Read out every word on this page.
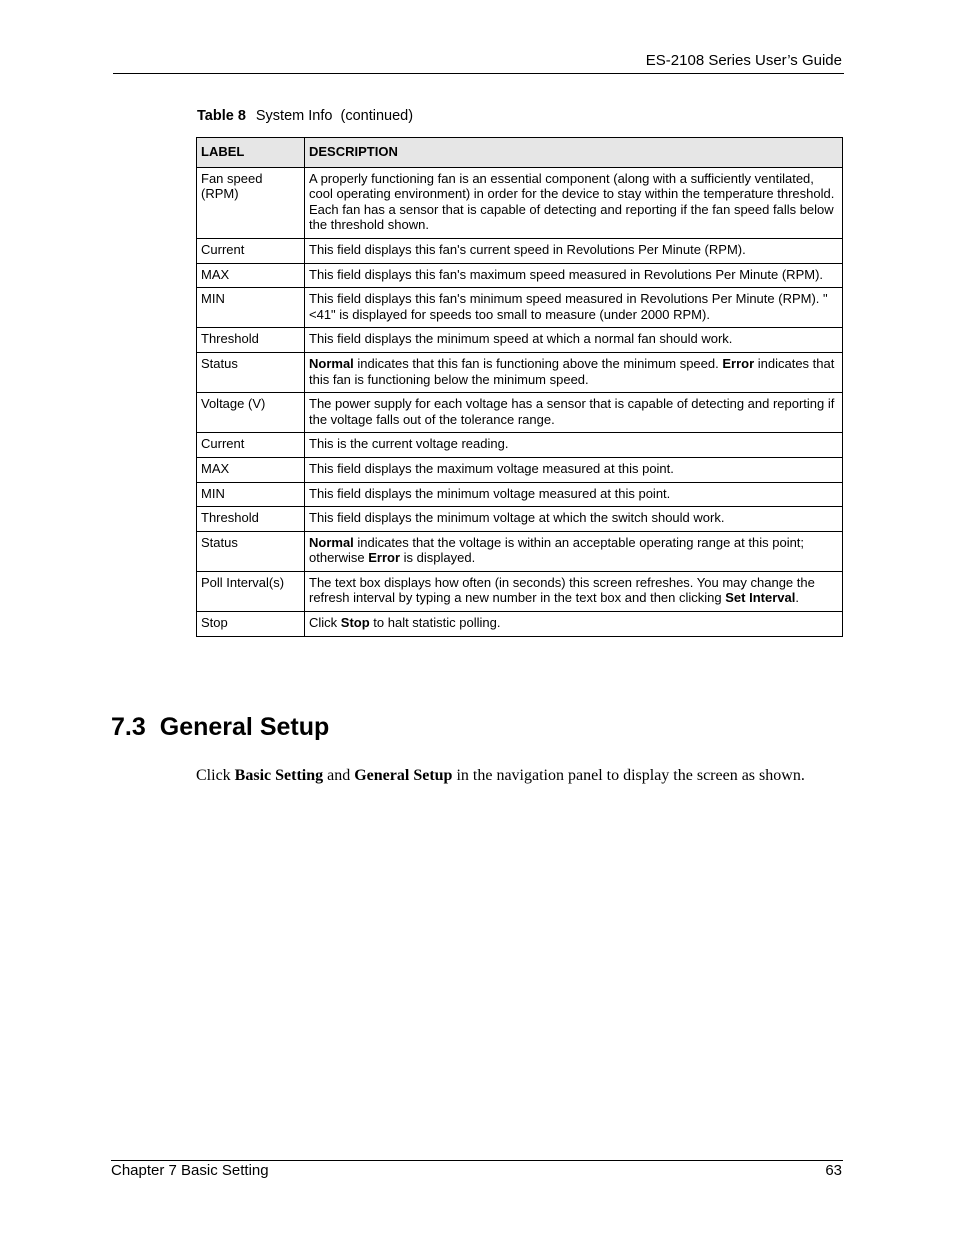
ES-2108 Series User’s Guide
Table 8 System Info  (continued)
LABEL	DESCRIPTION
Fan speed (RPM)	A properly functioning fan is an essential component (along with a sufficiently ventilated, cool operating environment) in order for the device to stay within the temperature threshold. Each fan has a sensor that is capable of detecting and reporting if the fan speed falls below the threshold shown.
Current	This field displays this fan's current speed in Revolutions Per Minute (RPM).
MAX	This field displays this fan's maximum speed measured in Revolutions Per Minute (RPM).
MIN	This field displays this fan's minimum speed measured in Revolutions Per Minute (RPM). "<41" is displayed for speeds too small to measure (under 2000 RPM).
Threshold	This field displays the minimum speed at which a normal fan should work.
Status	Normal indicates that this fan is functioning above the minimum speed. Error indicates that this fan is functioning below the minimum speed.
Voltage (V)	The power supply for each voltage has a sensor that is capable of detecting and reporting if the voltage falls out of the tolerance range.
Current	This is the current voltage reading.
MAX	This field displays the maximum voltage measured at this point.
MIN	This field displays the minimum voltage measured at this point.
Threshold	This field displays the minimum voltage at which the switch should work.
Status	Normal indicates that the voltage is within an acceptable operating range at this point; otherwise Error is displayed.
Poll Interval(s)	The text box displays how often (in seconds) this screen refreshes. You may change the refresh interval by typing a new number in the text box and then clicking Set Interval.
Stop	Click Stop to halt statistic polling.
7.3 General Setup
Click Basic Setting and General Setup in the navigation panel to display the screen as shown.
Chapter 7 Basic Setting	63
